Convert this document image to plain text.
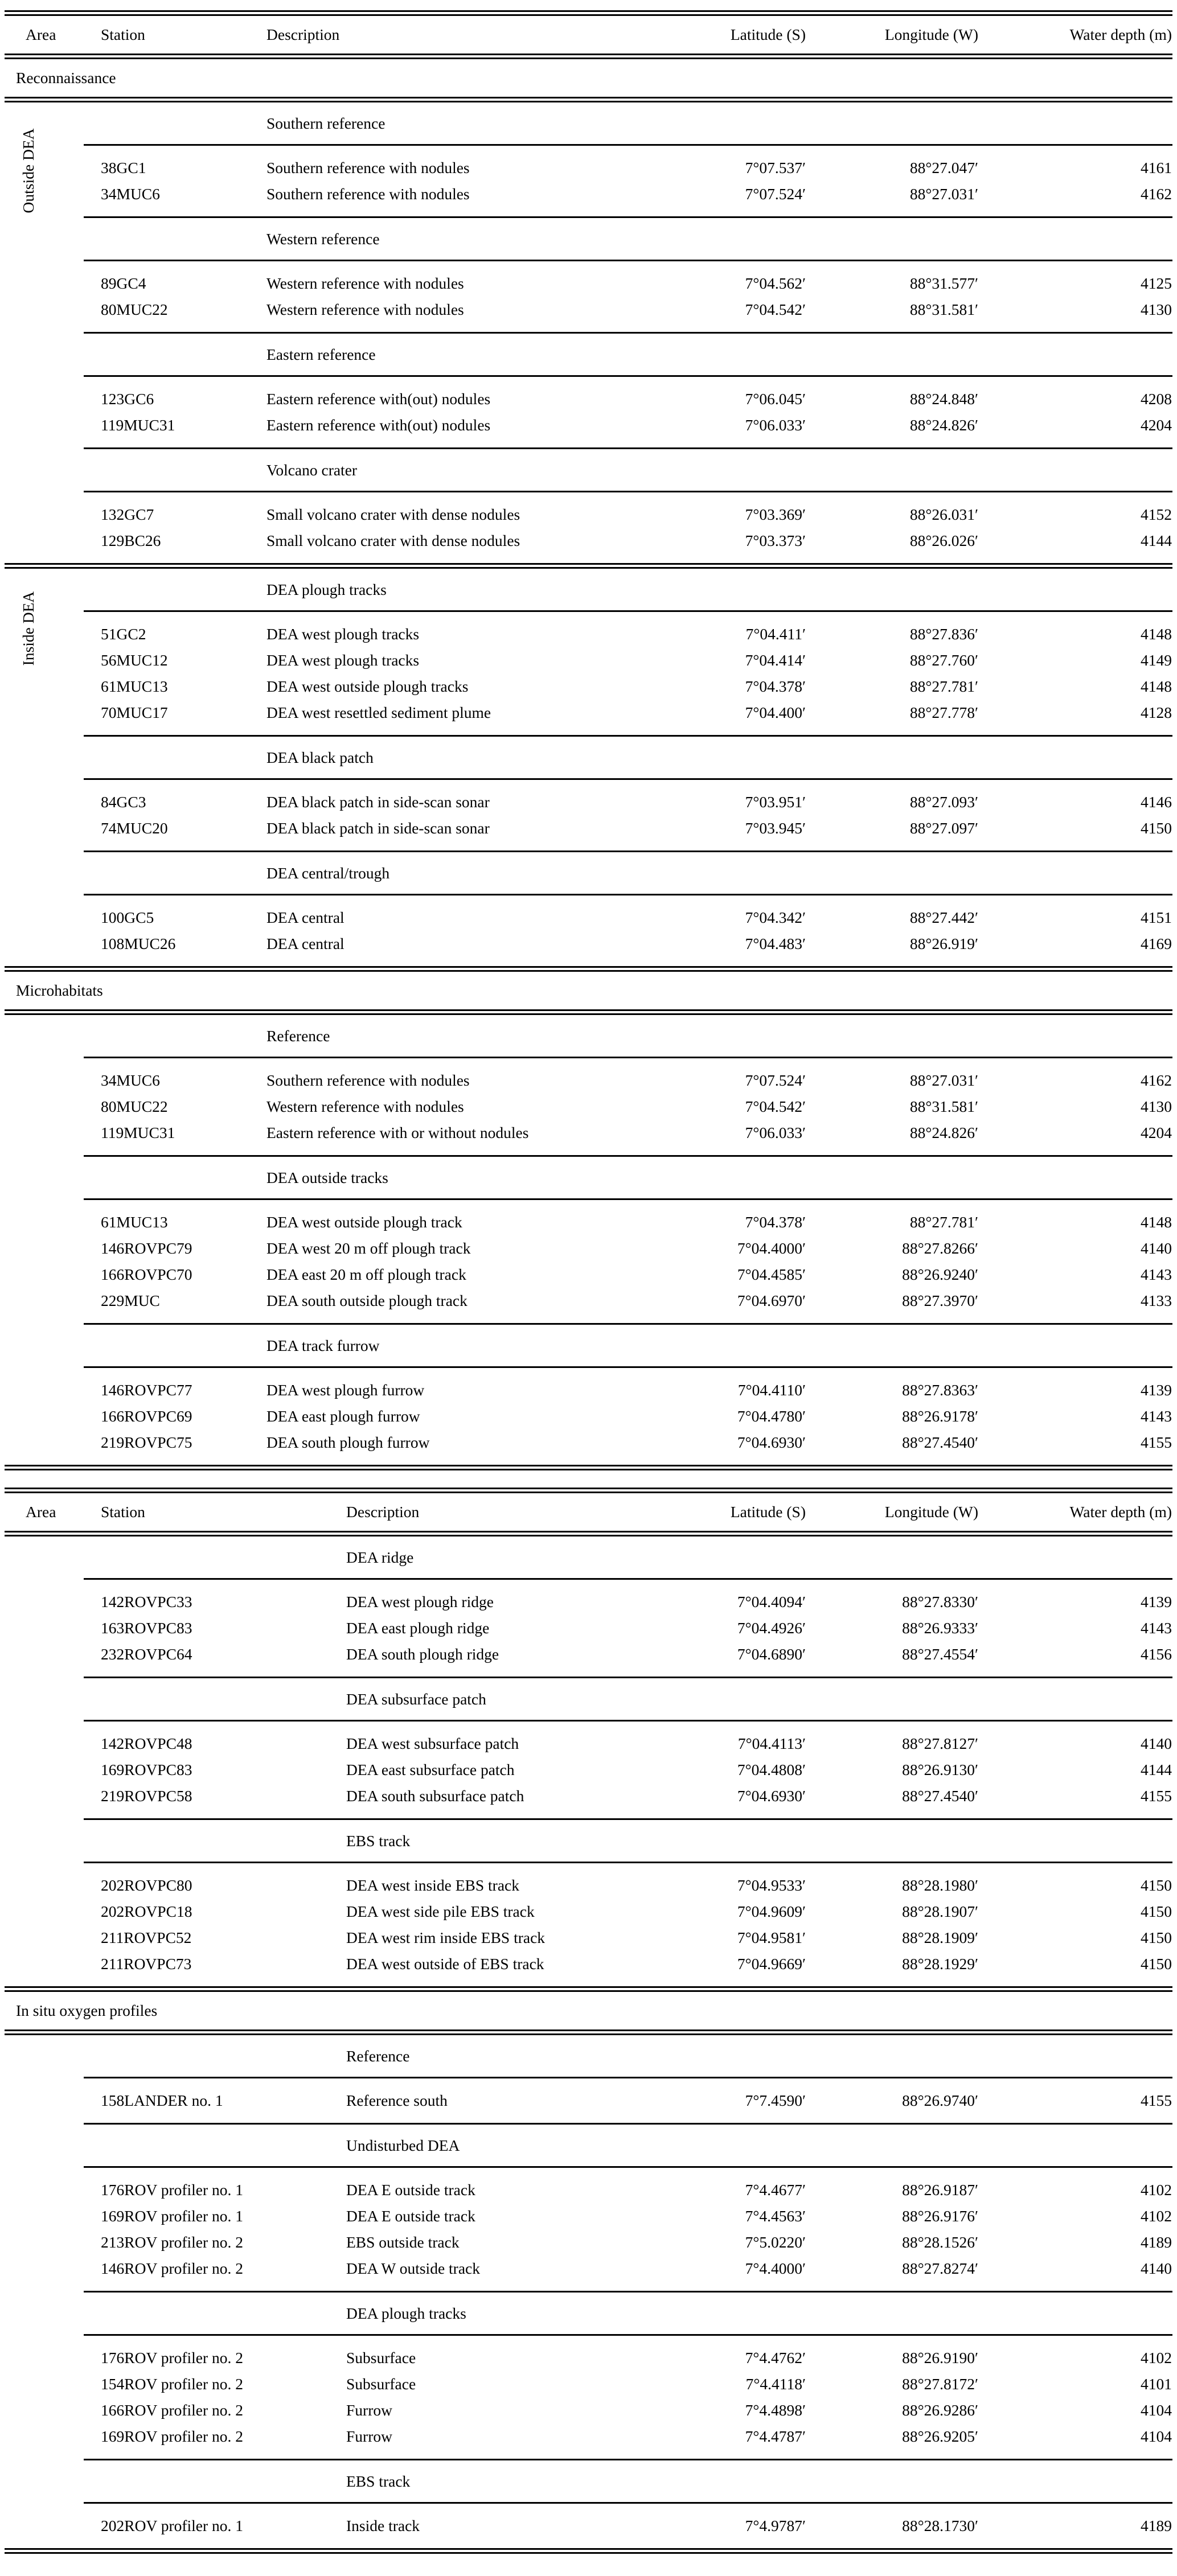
Area	Station	Description	Latitude (S)	Longitude (W)	Water depth (m)
Reconnaissance
Outside DEA
Southern reference
38GC1	Southern reference with nodules	7°07.537′	88°27.047′	4161
34MUC6	Southern reference with nodules	7°07.524′	88°27.031′	4162
Western reference
89GC4	Western reference with nodules	7°04.562′	88°31.577′	4125
80MUC22	Western reference with nodules	7°04.542′	88°31.581′	4130
Eastern reference
123GC6	Eastern reference with(out) nodules	7°06.045′	88°24.848′	4208
119MUC31	Eastern reference with(out) nodules	7°06.033′	88°24.826′	4204
Volcano crater
132GC7	Small volcano crater with dense nodules	7°03.369′	88°26.031′	4152
129BC26	Small volcano crater with dense nodules	7°03.373′	88°26.026′	4144
Inside DEA
DEA plough tracks
51GC2	DEA west plough tracks	7°04.411′	88°27.836′	4148
56MUC12	DEA west plough tracks	7°04.414′	88°27.760′	4149
61MUC13	DEA west outside plough tracks	7°04.378′	88°27.781′	4148
70MUC17	DEA west resettled sediment plume	7°04.400′	88°27.778′	4128
DEA black patch
84GC3	DEA black patch in side-scan sonar	7°03.951′	88°27.093′	4146
74MUC20	DEA black patch in side-scan sonar	7°03.945′	88°27.097′	4150
DEA central/trough
100GC5	DEA central	7°04.342′	88°27.442′	4151
108MUC26	DEA central	7°04.483′	88°26.919′	4169
Microhabitats
Reference
34MUC6	Southern reference with nodules	7°07.524′	88°27.031′	4162
80MUC22	Western reference with nodules	7°04.542′	88°31.581′	4130
119MUC31	Eastern reference with or without nodules	7°06.033′	88°24.826′	4204
DEA outside tracks
61MUC13	DEA west outside plough track	7°04.378′	88°27.781′	4148
146ROVPC79	DEA west 20 m off plough track	7°04.4000′	88°27.8266′	4140
166ROVPC70	DEA east 20 m off plough track	7°04.4585′	88°26.9240′	4143
229MUC	DEA south outside plough track	7°04.6970′	88°27.3970′	4133
DEA track furrow
146ROVPC77	DEA west plough furrow	7°04.4110′	88°27.8363′	4139
166ROVPC69	DEA east plough furrow	7°04.4780′	88°26.9178′	4143
219ROVPC75	DEA south plough furrow	7°04.6930′	88°27.4540′	4155
Area	Station	Description	Latitude (S)	Longitude (W)	Water depth (m)
DEA ridge
142ROVPC33	DEA west plough ridge	7°04.4094′	88°27.8330′	4139
163ROVPC83	DEA east plough ridge	7°04.4926′	88°26.9333′	4143
232ROVPC64	DEA south plough ridge	7°04.6890′	88°27.4554′	4156
DEA subsurface patch
142ROVPC48	DEA west subsurface patch	7°04.4113′	88°27.8127′	4140
169ROVPC83	DEA east subsurface patch	7°04.4808′	88°26.9130′	4144
219ROVPC58	DEA south subsurface patch	7°04.6930′	88°27.4540′	4155
EBS track
202ROVPC80	DEA west inside EBS track	7°04.9533′	88°28.1980′	4150
202ROVPC18	DEA west side pile EBS track	7°04.9609′	88°28.1907′	4150
211ROVPC52	DEA west rim inside EBS track	7°04.9581′	88°28.1909′	4150
211ROVPC73	DEA west outside of EBS track	7°04.9669′	88°28.1929′	4150
In situ oxygen profiles
Reference
158LANDER no. 1	Reference south	7°7.4590′	88°26.9740′	4155
Undisturbed DEA
176ROV profiler no. 1	DEA E outside track	7°4.4677′	88°26.9187′	4102
169ROV profiler no. 1	DEA E outside track	7°4.4563′	88°26.9176′	4102
213ROV profiler no. 2	EBS outside track	7°5.0220′	88°28.1526′	4189
146ROV profiler no. 2	DEA W outside track	7°4.4000′	88°27.8274′	4140
DEA plough tracks
176ROV profiler no. 2	Subsurface	7°4.4762′	88°26.9190′	4102
154ROV profiler no. 2	Subsurface	7°4.4118′	88°27.8172′	4101
166ROV profiler no. 2	Furrow	7°4.4898′	88°26.9286′	4104
169ROV profiler no. 2	Furrow	7°4.4787′	88°26.9205′	4104
EBS track
202ROV profiler no. 1	Inside track	7°4.9787′	88°28.1730′	4189
